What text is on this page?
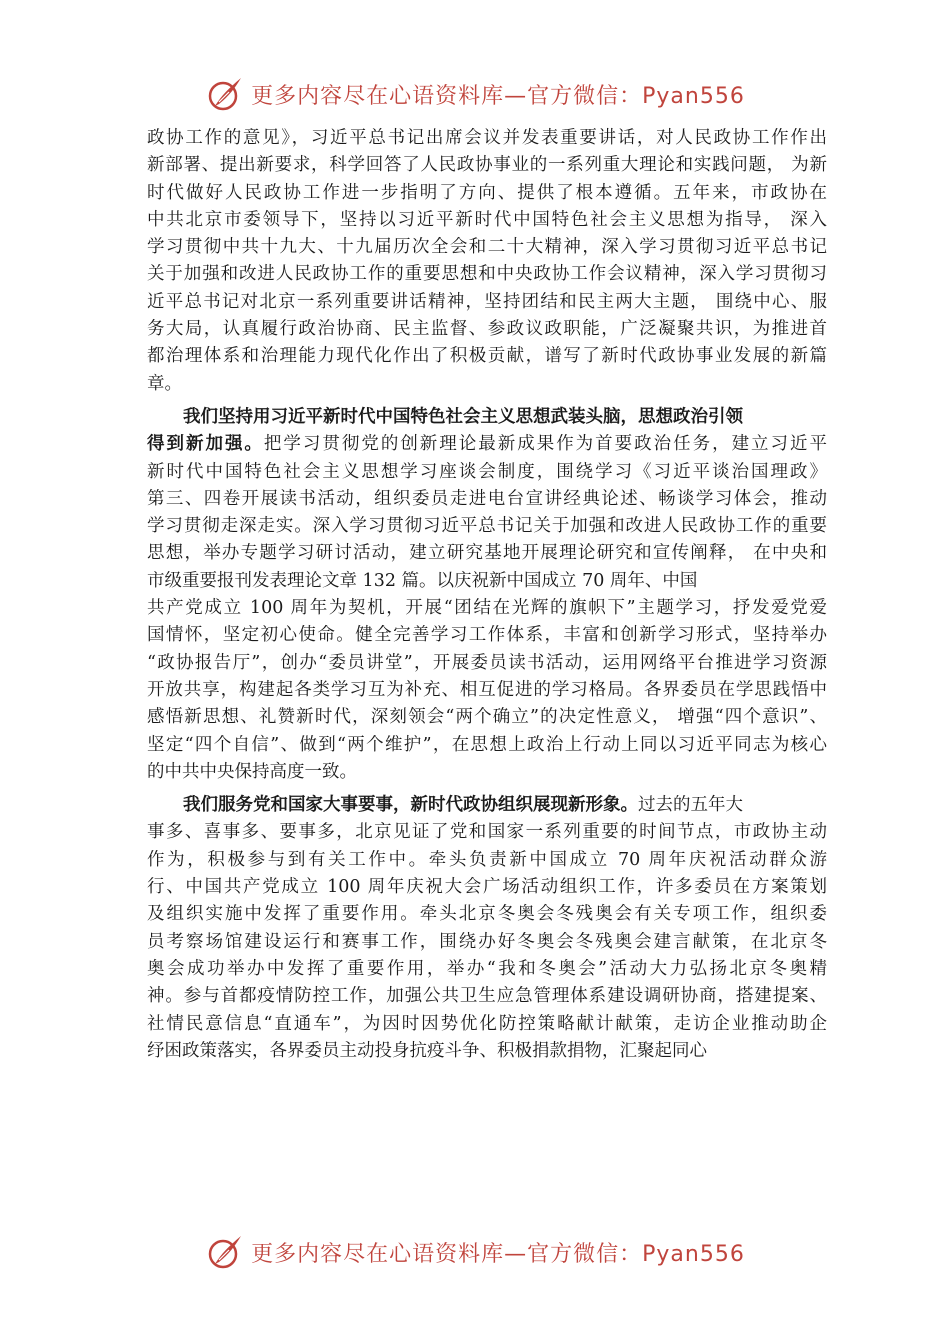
更多内容尽在心语资料库—官方微信：Pyan556
政协工作的意见》，习近平总书记出席会议并发表重要讲话，对人民政协工作作出
新部署、提出新要求，科学回答了人民政协事业的一系列重大理论和实践问题， 为新
时代做好人民政协工作进一步指明了方向、提供了根本遵循。五年来，市政协在
中共北京市委领导下，坚持以习近平新时代中国特色社会主义思想为指导， 深入
学习贯彻中共十九大、十九届历次全会和二十大精神，深入学习贯彻习近平总书记
关于加强和改进人民政协工作的重要思想和中央政协工作会议精神，深入学习贯彻习
近平总书记对北京一系列重要讲话精神，坚持团结和民主两大主题， 围绕中心、服
务大局，认真履行政治协商、民主监督、参政议政职能，广泛凝聚共识，为推进首
都治理体系和治理能力现代化作出了积极贡献，谱写了新时代政协事业发展的新篇
章。
我们坚持用习近平新时代中国特色社会主义思想武装头脑，思想政治引领
得到新加强。把学习贯彻党的创新理论最新成果作为首要政治任务，建立习近平
新时代中国特色社会主义思想学习座谈会制度，围绕学习《习近平谈治国理政》
第三、四卷开展读书活动，组织委员走进电台宣讲经典论述、畅谈学习体会，推动
学习贯彻走深走实。深入学习贯彻习近平总书记关于加强和改进人民政协工作的重要
思想，举办专题学习研讨活动，建立研究基地开展理论研究和宣传阐释， 在中央和
市级重要报刊发表理论文章 132 篇。以庆祝新中国成立 70 周年、中国
共产党成立 100 周年为契机，开展“团结在光辉的旗帜下”主题学习，抒发爱党爱
国情怀，坚定初心使命。健全完善学习工作体系，丰富和创新学习形式，坚持举办
“政协报告厅”，创办“委员讲堂”，开展委员读书活动，运用网络平台推进学习资源
开放共享，构建起各类学习互为补充、相互促进的学习格局。各界委员在学思践悟中
感悟新思想、礼赞新时代，深刻领会“两个确立”的决定性意义， 增强“四个意识”、
坚定“四个自信”、做到“两个维护”，在思想上政治上行动上同以习近平同志为核心
的中共中央保持高度一致。
我们服务党和国家大事要事，新时代政协组织展现新形象。过去的五年大
事多、喜事多、要事多，北京见证了党和国家一系列重要的时间节点，市政协主动
作为，积极参与到有关工作中。牵头负责新中国成立 70 周年庆祝活动群众游
行、中国共产党成立 100 周年庆祝大会广场活动组织工作，许多委员在方案策划
及组织实施中发挥了重要作用。牵头北京冬奥会冬残奥会有关专项工作，组织委
员考察场馆建设运行和赛事工作，围绕办好冬奥会冬残奥会建言献策，在北京冬
奥会成功举办中发挥了重要作用，举办“我和冬奥会”活动大力弘扬北京冬奥精
神。参与首都疫情防控工作，加强公共卫生应急管理体系建设调研协商，搭建提案、
社情民意信息“直通车”，为因时因势优化防控策略献计献策，走访企业推动助企
纾困政策落实，各界委员主动投身抗疫斗争、积极捐款捐物，汇聚起同心
更多内容尽在心语资料库—官方微信：Pyan556
